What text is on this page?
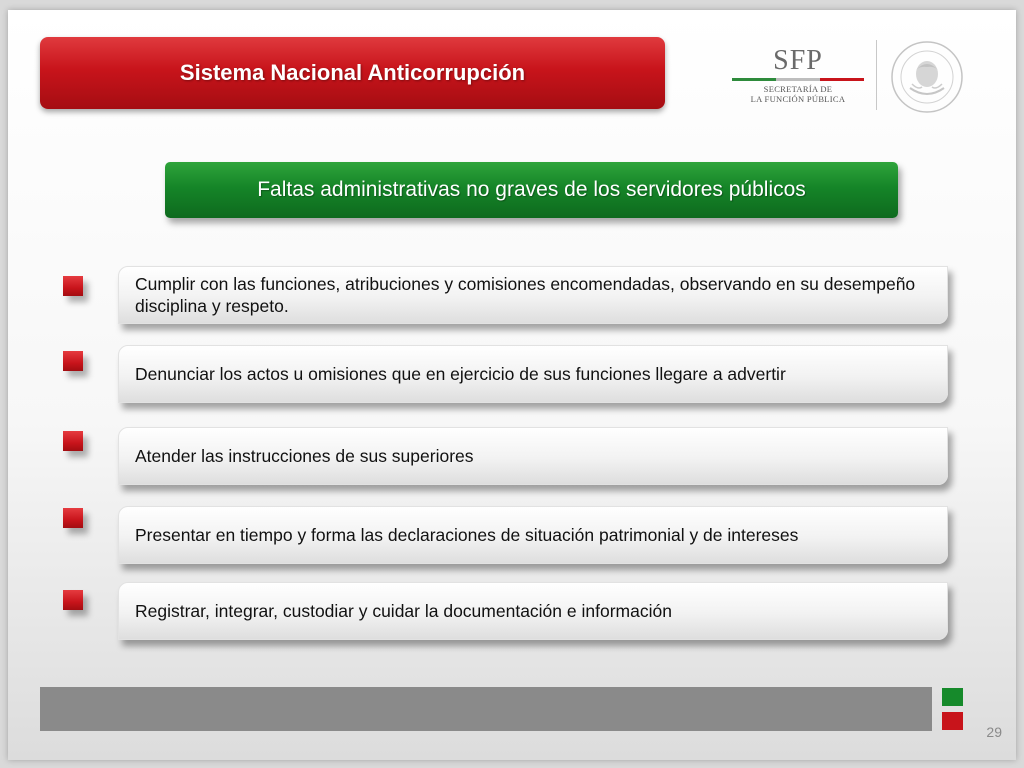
Sistema Nacional Anticorrupción	SFP
SECRETARÍA DE
LA FUNCIÓN PÚBLICA
Faltas administrativas no graves de los servidores públicos
Cumplir con las funciones, atribuciones y comisiones encomendadas, observando en su desempeño disciplina y respeto.
Denunciar los actos u omisiones que en ejercicio de sus funciones llegare a advertir
Atender las instrucciones de sus superiores
Presentar en tiempo y forma las declaraciones de situación patrimonial y de intereses
Registrar, integrar, custodiar y cuidar la documentación e información
29
